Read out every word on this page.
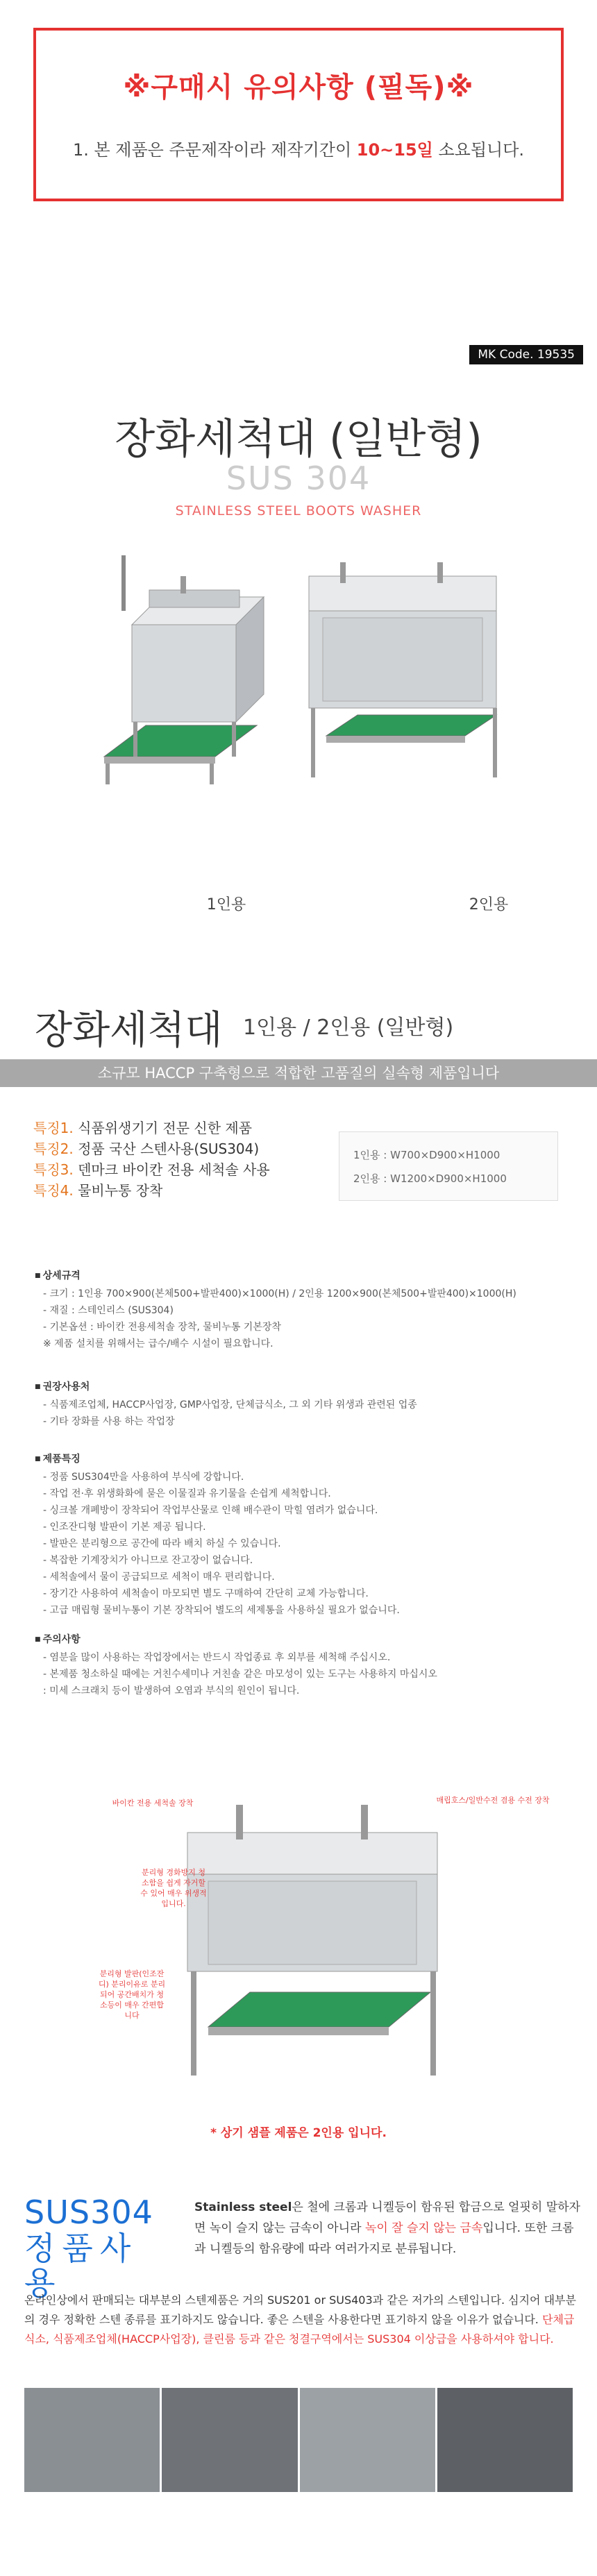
※구매시 유의사항 (필독)※

1. 본 제품은 주문제작이라 제작기간이 10~15일 소요됩니다.

MK Code. 19535
장화세척대 (일반형)
SUS 304
STAINLESS STEEL BOOTS WASHER
1인용	2인용
장화세척대 1인용 / 2인용 (일반형)
소규모 HACCP 구축형으로 적합한 고품질의 실속형 제품입니다
특징1. 식품위생기기 전문 신한 제품
특징2. 정품 국산 스텐사용(SUS304)
특징3. 덴마크 바이칸 전용 세척솔 사용
특징4. 물비누통 장착
1인용 : W700×D900×H1000
2인용 : W1200×D900×H1000
■ 상세규격
- 크기 : 1인용 700×900(본체500+발판400)×1000(H) / 2인용 1200×900(본체500+발판400)×1000(H)
- 재질 : 스테인리스 (SUS304)
- 기본옵션 : 바이칸 전용세척솔 장착, 물비누통 기본장착
※ 제품 설치를 위해서는 급수/배수 시설이 필요합니다.
■ 권장사용처
- 식품제조업체, HACCP사업장, GMP사업장, 단체급식소, 그 외 기타 위생과 관련된 업종
- 기타 장화를 사용 하는 작업장
■ 제품특징
- 정품 SUS304만을 사용하여 부식에 강합니다.
- 작업 전·후 위생화화에 묻은 이물질과 유기물을 손쉽게 세척합니다.
- 싱크볼 개폐방이 장착되어 작업부산물로 인해 배수관이 막힐 염려가 없습니다.
- 인조잔디형 발판이 기본 제공 됩니다.
- 발판은 분리형으로 공간에 따라 배치 하실 수 있습니다.
- 복잡한 기계장치가 아니므로 잔고장이 없습니다.
- 세척솔에서 물이 공급되므로 세척이 매우 편리합니다.
- 장기간 사용하여 세척솔이 마모되면 별도 구매하여 간단히 교체 가능합니다.
- 고급 매립형 물비누통이 기본 장착되어 별도의 세제통을 사용하실 필요가 없습니다.
■ 주의사항
- 염분을 많이 사용하는 작업장에서는 반드시 작업종료 후 외부를 세척해 주십시오.
- 본제품 청소하실 때에는 거친수세미나 거친솔 같은 마모성이 있는 도구는 사용하지 마십시오
: 미세 스크래치 등이 발생하여 오염과 부식의 원인이 됩니다.
바이칸 전용 세척솔 장착	매립호스/일반수전 겸용 수전 장착
분리형 경화방지 청소함을 쉽게 자거할 수 있어 매우 위생적입니다.
분리형 발판(인조잔디) 분리이유로 분리되어 공간배치가 청소등이 매우 간편합니다
* 상기 샘플 제품은 2인용 입니다.
SUS304
정품사용
Stainless steel은 철에 크롬과 니켈등이 함유된 합금으로 얼핏히 말하자면 녹이 슬지 않는 금속이 아니라 녹이 잘 슬지 않는 금속입니다. 또한 크롬과 니켈등의 함유량에 따라 여러가지로 분류됩니다.
온라인상에서 판매되는 대부분의 스텐제품은 거의 SUS201 or SUS403과 같은 저가의 스텐입니다. 심지어 대부분의 경우 정확한 스텐 종류를 표기하지도 않습니다. 좋은 스텐을 사용한다면 표기하지 않을 이유가 없습니다. 단체급식소, 식품제조업체(HACCP사업장), 클린룸 등과 같은 청결구역에서는 SUS304 이상급을 사용하셔야 합니다.
